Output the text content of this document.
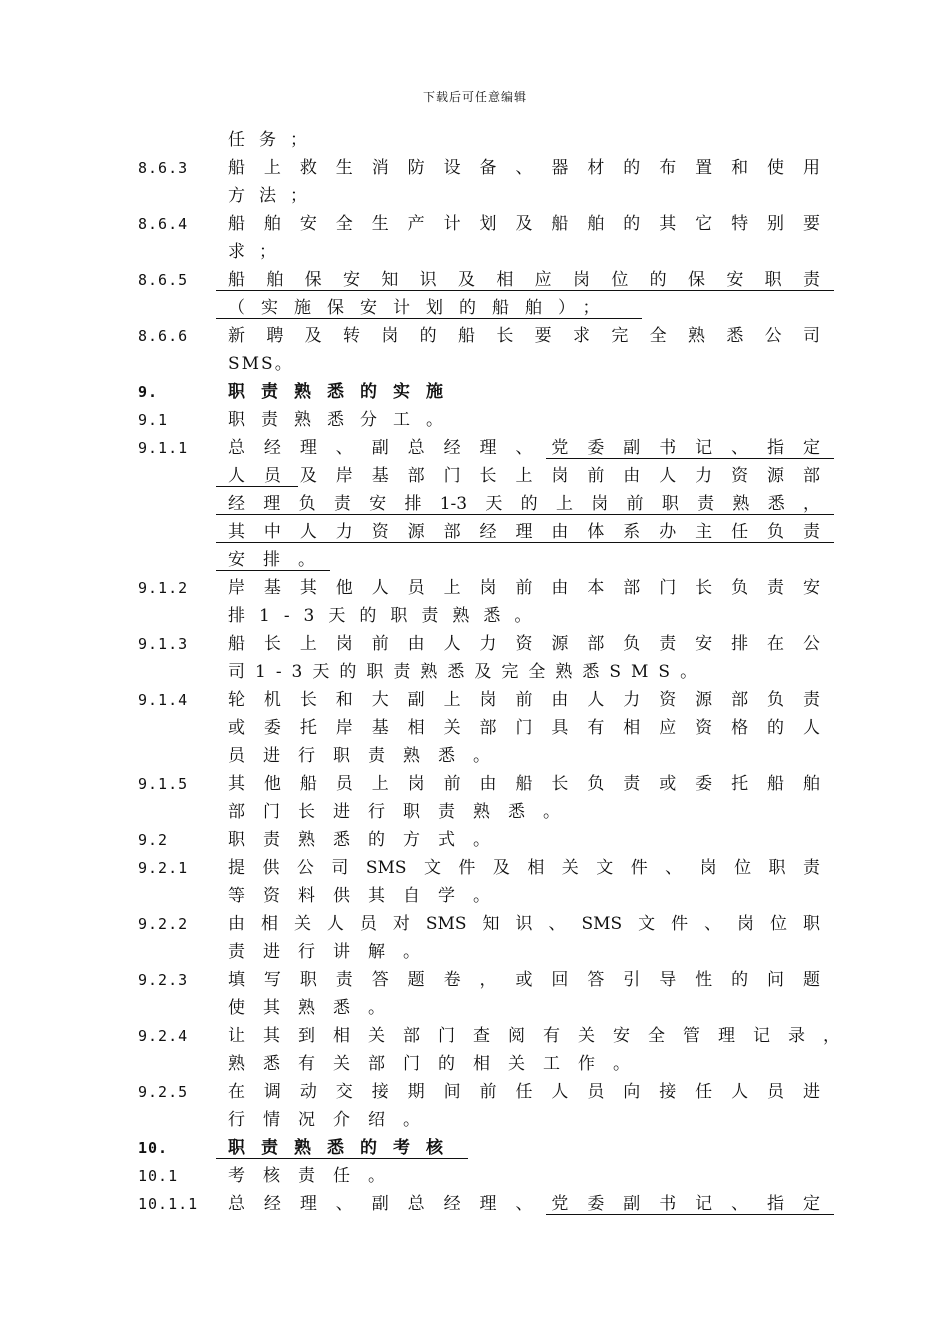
下载后可任意编辑
任务；
8.6.3 船上救生消防设备、器材的布置和使用
方法；
8.6.4 船舶安全生产计划及船舶的其它特别要
求；
8.6.5 船舶保安知识及相应岗位的保安职责
（实施保安计划的船舶）；
8.6.6 新聘及转岗的船长要求完全熟悉公司
SMS。
9.	职责熟悉的实施
9.1	职责熟悉分工。
9.1.1 总经理、副总经理、党委副书记、指定
人员及岸基部门长上岗前由人力资源部
经理负责安排1-3天的上岗前职责熟悉，
其中人力资源部经理由体系办主任负责
安排。
9.1.2 岸基其他人员上岗前由本部门长负责安
排1-3天的职责熟悉。
9.1.3 船长上岗前由人力资源部负责安排在公
司1-3天的职责熟悉及完全熟悉SMS。
9.1.4 轮机长和大副上岗前由人力资源部负责
或委托岸基相关部门具有相应资格的人
员进行职责熟悉。
9.1.5 其他船员上岗前由船长负责或委托船舶
部门长进行职责熟悉。
9.2	职责熟悉的方式。
9.2.1 提供公司SMS文件及相关文件、岗位职责
等资料供其自学。
9.2.2 由相关人员对SMS知识、SMS文件、岗位职
责进行讲解。
9.2.3 填写职责答题卷，或回答引导性的问题
使其熟悉。
9.2.4 让其到相关部门查阅有关安全管理记录，
熟悉有关部门的相关工作。
9.2.5 在调动交接期间前任人员向接任人员进
行情况介绍。
10.	职责熟悉的考核
10.1	考核责任。
10.1.1 总经理、副总经理、党委副书记、指定
